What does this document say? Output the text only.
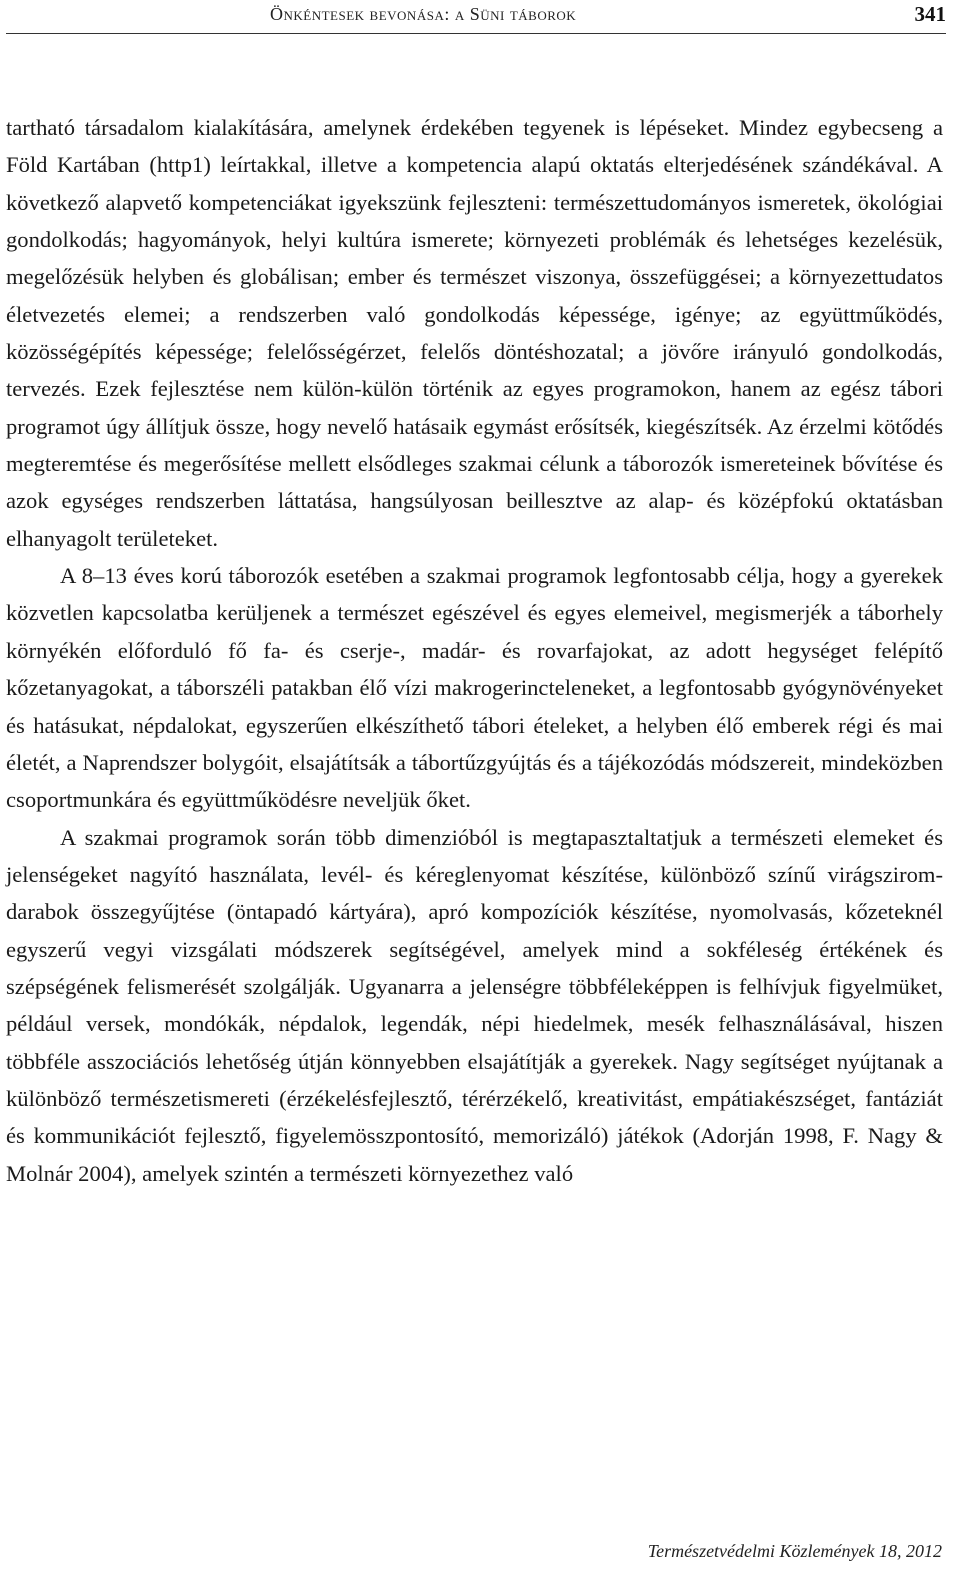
Önkéntesek bevonása: a Süni táborok	341

tartható társadalom kialakítására, amelynek érdekében tegyenek is lépéseket. Mindez egybecseng a Föld Kartában (http1) leírtakkal, illetve a kompetencia alapú oktatás elterjedésének szándékával. A következő alapvető kompetenciákat igyekszünk fejleszteni: természettudományos ismeretek, ökológiai gondolkodás; hagyományok, helyi kultúra ismerete; környezeti problémák és lehetséges kezelésük, megelőzésük helyben és globálisan; ember és természet viszonya, összefüggései; a környezettudatos életvezetés elemei; a rendszerben való gondolkodás képessége, igénye; az együttműködés, közösségépítés képessége; felelősségérzet, felelős döntéshozatal; a jövőre irányuló gondolkodás, tervezés. Ezek fejlesztése nem külön-külön történik az egyes programokon, hanem az egész tábori programot úgy állítjuk össze, hogy nevelő hatásaik egymást erősítsék, kiegészítsék. Az érzelmi kötődés megteremtése és megerősítése mellett elsődleges szakmai célunk a táborozók ismereteinek bővítése és azok egységes rendszerben láttatása, hangsúlyosan beillesztve az alap- és középfokú oktatásban elhanyagolt területeket.

A 8–13 éves korú táborozók esetében a szakmai programok legfontosabb célja, hogy a gyerekek közvetlen kapcsolatba kerüljenek a természet egészével és egyes elemeivel, megismerjék a táborhely környékén előforduló fő fa- és cserje-, madár- és rovarfajokat, az adott hegységet felépítő kőzetanyagokat, a táborszéli patakban élő vízi makrogerincteleneket, a legfontosabb gyógynövényeket és hatásukat, népdalokat, egyszerűen elkészíthető tábori ételeket, a helyben élő emberek régi és mai életét, a Naprendszer bolygóit, elsajátítsák a tábortűzgyújtás és a tájékozódás módszereit, mindeközben csoportmunkára és együttműködésre neveljük őket.

A szakmai programok során több dimenzióból is megtapasztaltatjuk a természeti elemeket és jelenségeket nagyító használata, levél- és kéreglenyomat készítése, különböző színű virágszirom-darabok összegyűjtése (öntapadó kártyára), apró kompozíciók készítése, nyomolvasás, kőzeteknél egyszerű vegyi vizsgálati módszerek segítségével, amelyek mind a sokféleség értékének és szépségének felismerését szolgálják. Ugyanarra a jelenségre többféleképpen is felhívjuk figyelmüket, például versek, mondókák, népdalok, legendák, népi hiedelmek, mesék felhasználásával, hiszen többféle asszociációs lehetőség útján könnyebben elsajátítják a gyerekek. Nagy segítséget nyújtanak a különböző természetismereti (érzékelésfejlesztő, térérzékelő, kreativitást, empátiakészséget, fantáziát és kommunikációt fejlesztő, figyelemösszpontosító, memorizáló) játékok (Adorján 1998, F. Nagy & Molnár 2004), amelyek szintén a természeti környezethez való

Természetvédelmi Közlemények 18, 2012
